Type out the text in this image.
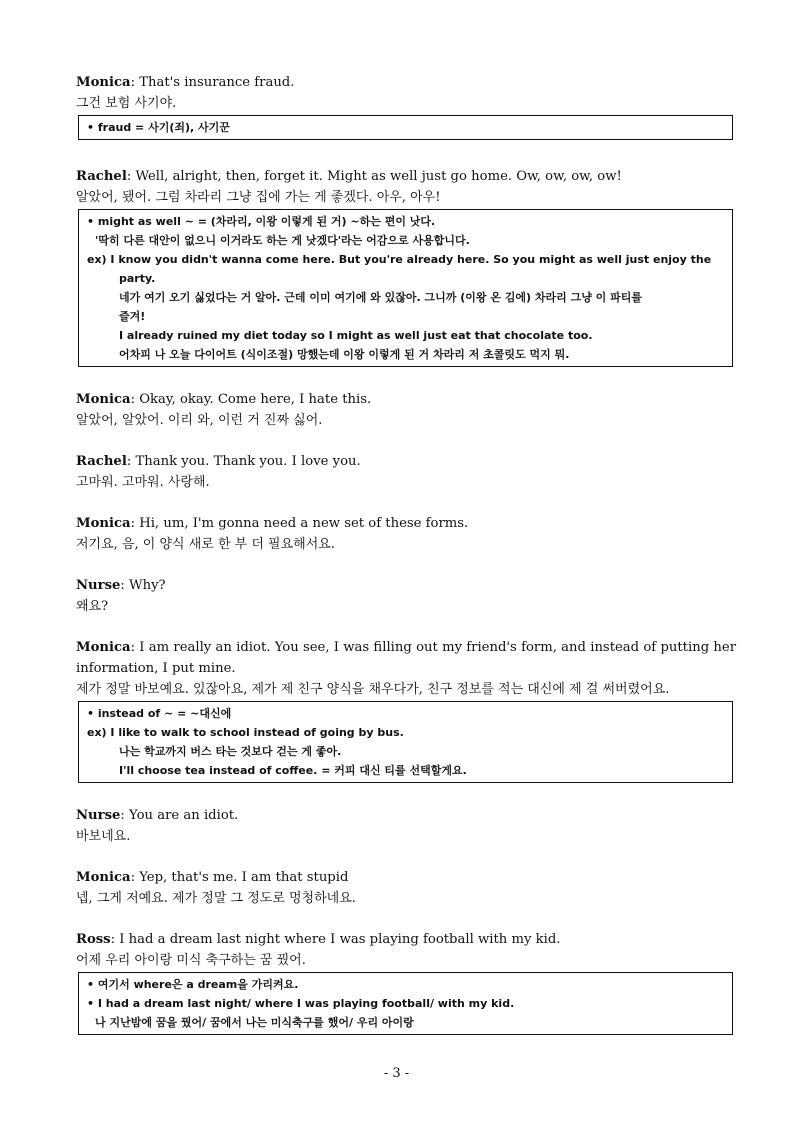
Monica: That's insurance fraud.
그건 보험 사기야.
• fraud = 사기(죄), 사기꾼
Rachel: Well, alright, then, forget it. Might as well just go home. Ow, ow, ow, ow!
알았어, 됐어. 그럼 차라리 그냥 집에 가는 게 좋겠다. 아우, 아우!
• might as well ~ = (차라리, 이왕 이렇게 된 거) ~하는 편이 낫다.
'딱히 다른 대안이 없으니 이거라도 하는 게 낫겠다'라는 어감으로 사용합니다.
ex) I know you didn't wanna come here. But you're already here. So you might as well just enjoy the
party.
네가 여기 오기 싫었다는 거 알아. 근데 이미 여기에 와 있잖아. 그니까 (이왕 온 김에) 차라리 그냥 이 파티를
즐겨!
I already ruined my diet today so I might as well just eat that chocolate too.
어차피 나 오늘 다이어트 (식이조절) 망했는데 이왕 이렇게 된 거 차라리 저 초콜릿도 먹지 뭐.
Monica: Okay, okay. Come here, I hate this.
알았어, 알았어. 이리 와, 이런 거 진짜 싫어.
Rachel: Thank you. Thank you. I love you.
고마워. 고마워. 사랑해.
Monica: Hi, um, I'm gonna need a new set of these forms.
저기요, 음, 이 양식 새로 한 부 더 필요해서요.
Nurse: Why?
왜요?
Monica: I am really an idiot. You see, I was filling out my friend's form, and instead of putting her information, I put mine.
제가 정말 바보예요. 있잖아요, 제가 제 친구 양식을 채우다가, 친구 정보를 적는 대신에 제 걸 써버렸어요.
• instead of ~ = ~대신에
ex) I like to walk to school instead of going by bus.
나는 학교까지 버스 타는 것보다 걷는 게 좋아.
I'll choose tea instead of coffee. = 커피 대신 티를 선택할게요.
Nurse: You are an idiot.
바보네요.
Monica: Yep, that's me. I am that stupid
넵, 그게 저예요. 제가 정말 그 정도로 멍청하네요.
Ross: I had a dream last night where I was playing football with my kid.
어제 우리 아이랑 미식 축구하는 꿈 꿨어.
• 여기서 where은 a dream을 가리켜요.
• I had a dream last night/ where I was playing football/ with my kid.
나 지난밤에 꿈을 꿨어/ 꿈에서 나는 미식축구를 했어/ 우리 아이랑
- 3 -
